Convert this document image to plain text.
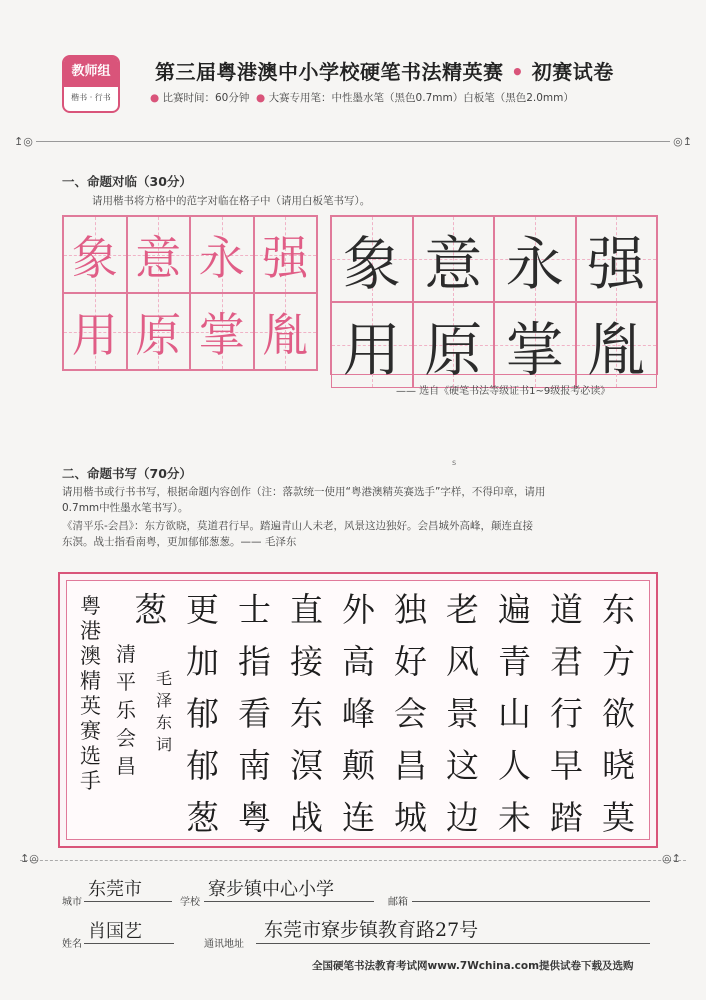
教师组
楷书 · 行书
第三届粤港澳中小学校硬笔书法精英赛 • 初赛试卷
● 比赛时间：60分钟  ● 大赛专用笔：中性墨水笔（黑色0.7mm）白板笔（黑色2.0mm）
↥◎	◎↥
一、命题对临（30分）
请用楷书将方格中的范字对临在格子中（请用白板笔书写）。
象 意 永 强
用 原 掌 胤
象 意 永 强
用 原 掌 胤
—— 选自《硬笔书法等级证书1~9级报考必读》
s
二、命题书写（70分）
请用楷书或行书书写，根据命题内容创作（注：落款统一使用“粤港澳精英赛选手”字样，不得印章，请用
0.7mm中性墨水笔书写）。
《清平乐-会昌》：东方欲晓，莫道君行早。踏遍青山人未老，风景这边独好。会昌城外高峰，颠连直接
东溟。战士指看南粤，更加郁郁葱葱。—— 毛泽东
东
方
欲
晓
莫
道
君
行
早
踏
遍
青
山
人
未
老
风
景
这
边
独
好
会
昌
城
外
高
峰
颠
连
直
接
东
溟
战
士
指
看
南
粤
更
加
郁
郁
葱
葱
清
平
乐
会
昌
毛
泽
东
词
粤
港
澳
精
英
赛
选
手
↥◎	◎↥
城市
东莞市
学校
寮步镇中心小学
邮箱
姓名
肖国艺
通讯地址
东莞市寮步镇教育路27号
全国硬笔书法教育考试网www.7Wchina.com提供试卷下载及选购
